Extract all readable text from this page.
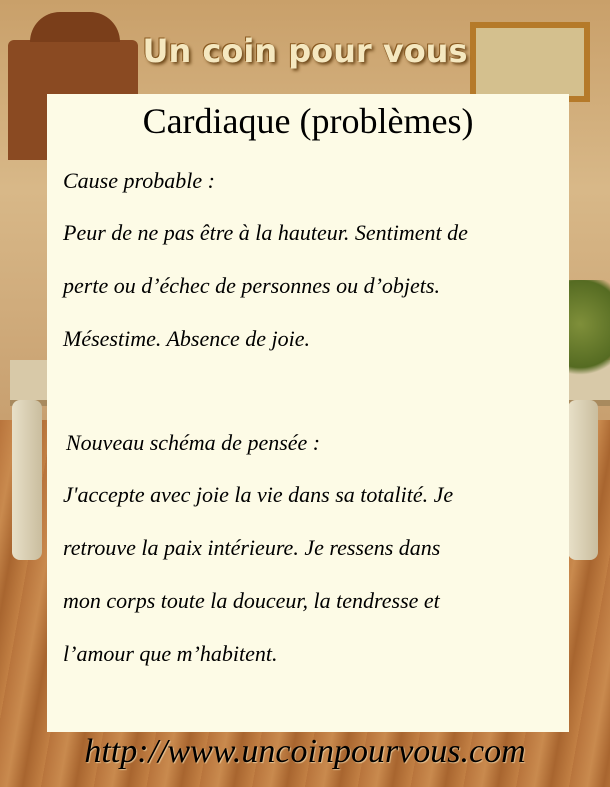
Un coin pour vous
Cardiaque (problèmes)
Cause probable :
Peur de ne pas être à la hauteur. Sentiment de
perte ou d’échec de personnes ou d’objets.
Mésestime. Absence de joie.
Nouveau schéma de pensée :
J'accepte avec joie la vie dans sa totalité. Je
retrouve la paix intérieure. Je ressens dans
mon corps toute la douceur, la tendresse et
l’amour que m’habitent.
http://www.uncoinpourvous.com
